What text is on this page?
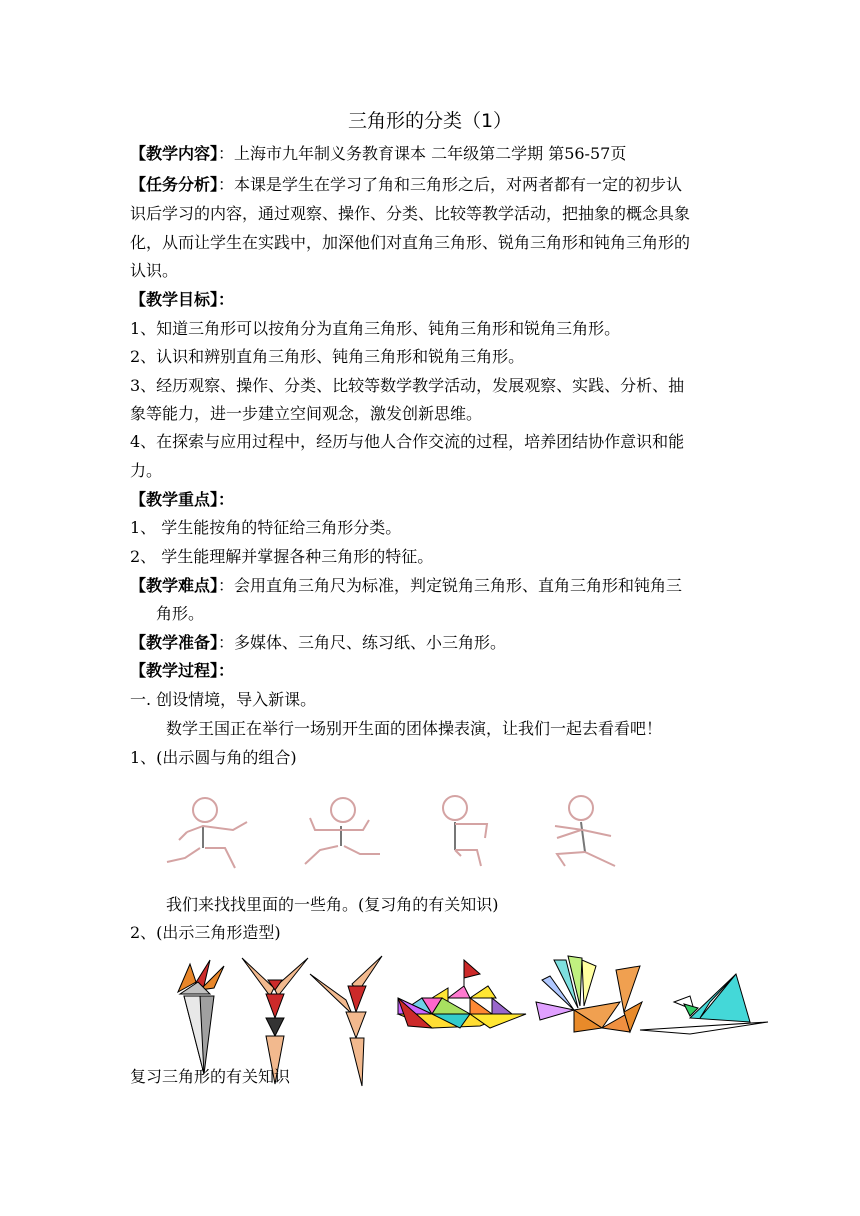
三角形的分类（1）
【教学内容】：上海市九年制义务教育课本 二年级第二学期 第56-57页
【任务分析】：本课是学生在学习了角和三角形之后，对两者都有一定的初步认
识后学习的内容，通过观察、操作、分类、比较等教学活动，把抽象的概念具象
化，从而让学生在实践中，加深他们对直角三角形、锐角三角形和钝角三角形的
认识。
【教学目标】：
1、知道三角形可以按角分为直角三角形、钝角三角形和锐角三角形。
2、认识和辨别直角三角形、钝角三角形和锐角三角形。
3、经历观察、操作、分类、比较等数学教学活动，发展观察、实践、分析、抽
象等能力，进一步建立空间观念，激发创新思维。
4、在探索与应用过程中，经历与他人合作交流的过程，培养团结协作意识和能
力。
【教学重点】：
1、 学生能按角的特征给三角形分类。
2、 学生能理解并掌握各种三角形的特征。
【教学难点】：会用直角三角尺为标准，判定锐角三角形、直角三角形和钝角三
角形。
【教学准备】：多媒体、三角尺、练习纸、小三角形。
【教学过程】：
一. 创设情境，导入新课。
数学王国正在举行一场别开生面的团体操表演，让我们一起去看看吧！
1、(出示圆与角的组合)
我们来找找里面的一些角。(复习角的有关知识)
2、(出示三角形造型)
复习三角形的有关知识
